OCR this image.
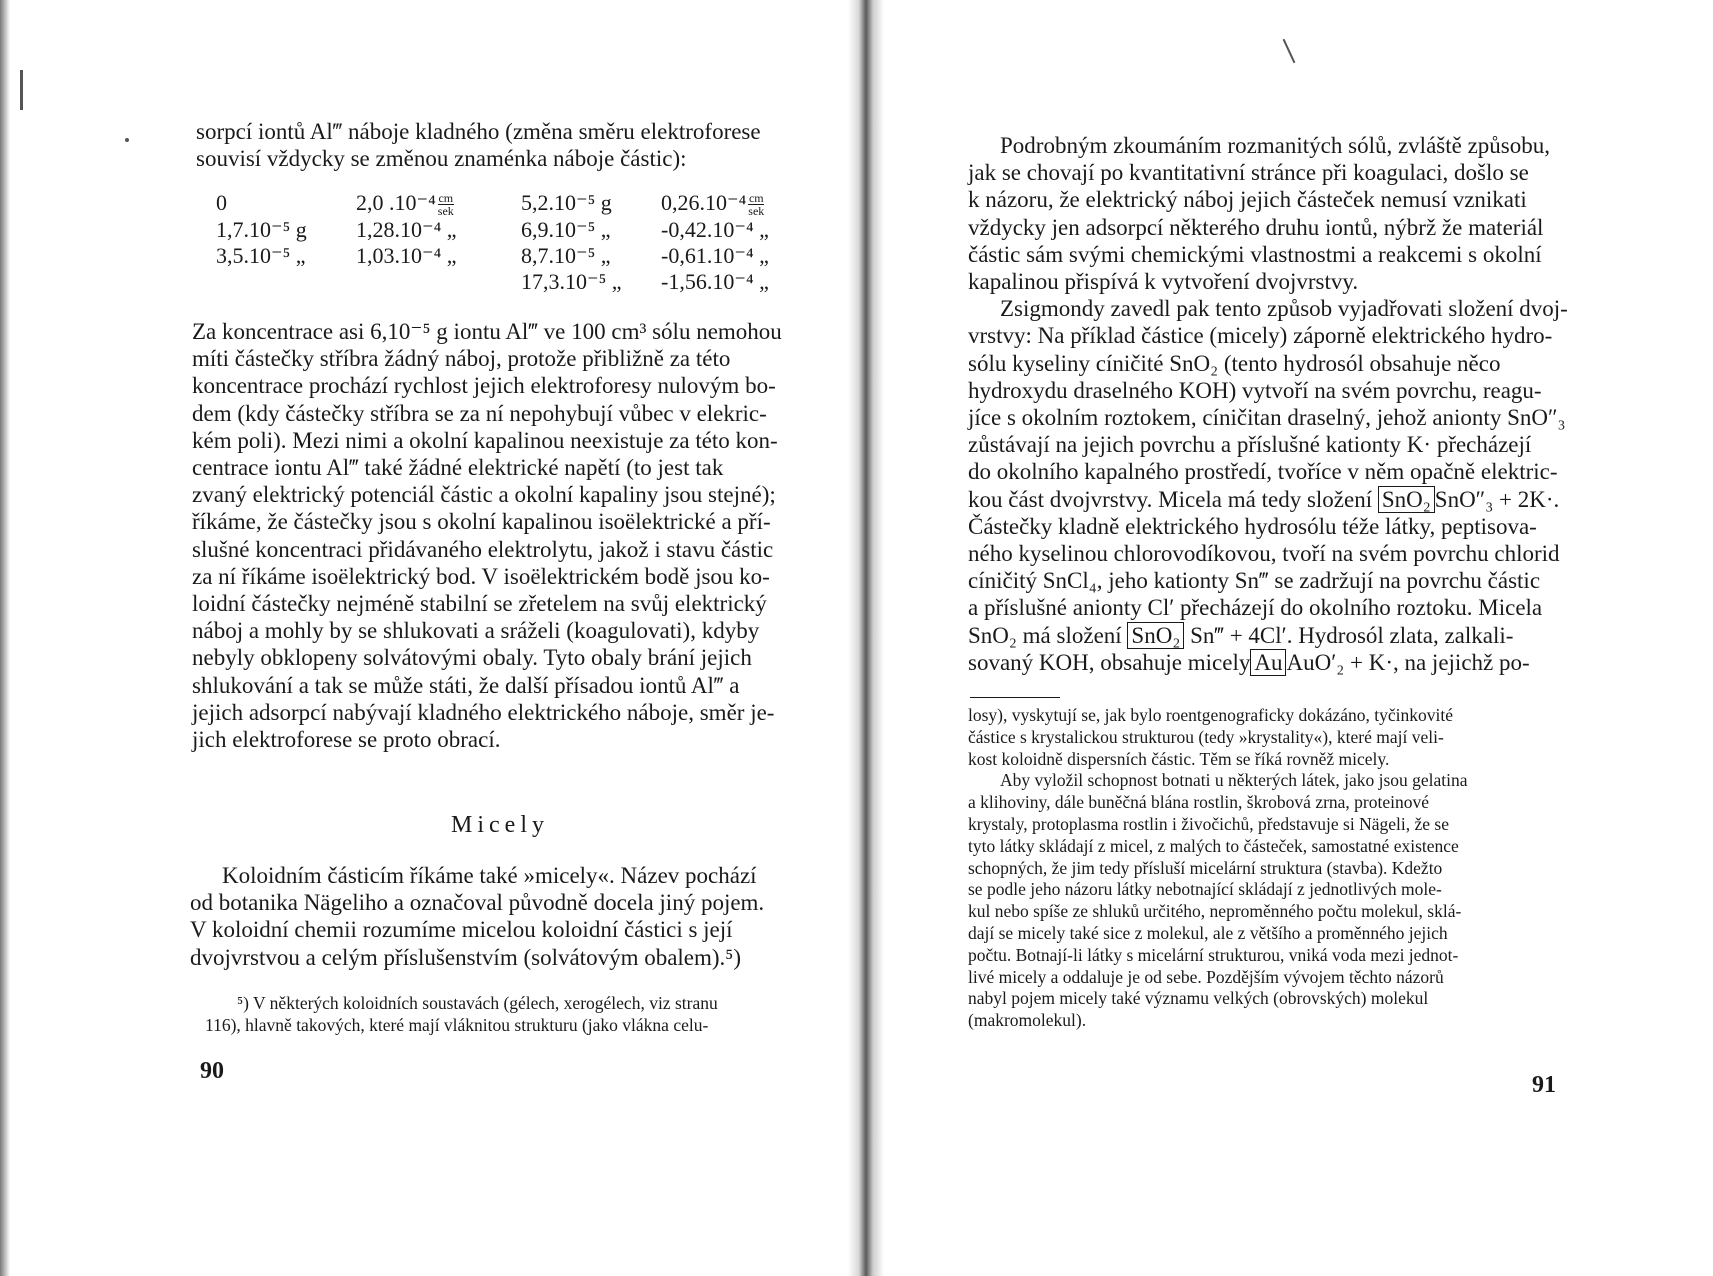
sorpcí iontů Al‴ náboje kladného (změna směru elektroforese

souvisí vždycky se změnou znaménka náboje částic):

0	2,0 $.10^{-4} \frac{cm}{\text{sek}}$	5,2.10⁻⁵ g	$0,26.10^{-4} \frac{cm}{\text{sek}}$

1,7.10⁻⁵ g	1,28.10⁻⁴ „	6,9.10⁻⁵ „	-0,42.10⁻⁴ „
3,5.10⁻⁵ „	1,03.10⁻⁴ „	8,7.10⁻⁵ „	-0,61.10⁻⁴ „
		17,3.10⁻⁵ „	-1,56.10⁻⁴ „

Za koncentrace asi 6,10⁻⁵ g iontu Al‴ ve 100 cm³ sólu nemohou

míti částečky stříbra žádný náboj, protože přibližně za této

koncentrace prochází rychlost jejich elektroforesy nulovým bo-

dem (kdy částečky stříbra se za ní nepohybují vůbec v elekric-

kém poli). Mezi nimi a okolní kapalinou neexistuje za této kon-

centrace iontu Al‴ také žádné elektrické napětí (to jest tak

zvaný elektrický potenciál částic a okolní kapaliny jsou stejné);

říkáme, že částečky jsou s okolní kapalinou isoëlektrické a pří-

slušné koncentraci přidávaného elektrolytu, jakož i stavu částic

za ní říkáme isoëlektrický bod. V isoëlektrickém bodě jsou ko-

loidní částečky nejméně stabilní se zřetelem na svůj elektrický

náboj a mohly by se shlukovati a sráželi (koagulovati), kdyby

nebyly obklopeny solvátovými obaly. Tyto obaly brání jejich

shlukování a tak se může státi, že další přísadou iontů Al‴ a

jejich adsorpcí nabývají kladného elektrického náboje, směr je-

jich elektroforese se proto obrací.

Micely

Koloidním částicím říkáme také »micely«. Název pochází

od botanika Nägeliho a označoval původně docela jiný pojem.

V koloidní chemii rozumíme micelou koloidní částici s její

dvojvrstvou a celým příslušenstvím (solvátovým obalem).⁵)

⁵) V některých koloidních soustavách (gélech, xerogélech, viz stranu

116), hlavně takových, které mají vláknitou strukturu (jako vlákna celu-

90

Podrobným zkoumáním rozmanitých sólů, zvláště způsobu,

jak se chovají po kvantitativní stránce při koagulaci, došlo se

k názoru, že elektrický náboj jejich částeček nemusí vznikati

vždycky jen adsorpcí některého druhu iontů, nýbrž že materiál

částic sám svými chemickými vlastnostmi a reakcemi s okolní

kapalinou přispívá k vytvoření dvojvrstvy.

Zsigmondy zavedl pak tento způsob vyjadřovati složení dvoj-

vrstvy: Na příklad částice (micely) záporně elektrického hydro-

sólu kyseliny cíničité SnO₂ (tento hydrosól obsahuje něco

hydroxydu draselného KOH) vytvoří na svém povrchu, reagu-

jíce s okolním roztokem, cíničitan draselný, jehož anionty SnO″₃

zůstávají na jejich povrchu a příslušné kationty K· přecházejí

do okolního kapalného prostředí, tvoříce v něm opačně elektric-

kou část dvojvrstvy. Micela má tedy složení SnO₂ SnO″₃ + 2K·.

Částečky kladně elektrického hydrosólu téže látky, peptisova-

ného kyselinou chlorovodíkovou, tvoří na svém povrchu chlorid

cíničitý SnCl₄, jeho kationty Sn‴ se zadržují na povrchu částic

a příslušné anionty Cl′ přecházejí do okolního roztoku. Micela

SnO₂ má složení SnO₂ Sn‴ + 4Cl′. Hydrosól zlata, zalkali-

sovaný KOH, obsahuje micely Au AuO′₂ + K·, na jejichž po-

losy), vyskytují se, jak bylo roentgenograficky dokázáno, tyčinkovité

částice s krystalickou strukturou (tedy »krystality«), které mají veli-

kost koloidně dispersních částic. Těm se říká rovněž micely.

Aby vyložil schopnost botnati u některých látek, jako jsou gelatina

a klihoviny, dále buněčná blána rostlin, škrobová zrna, proteinové

krystaly, protoplasma rostlin i živočichů, představuje si Nägeli, že se

tyto látky skládají z micel, z malých to částeček, samostatné existence

schopných, že jim tedy přísluší micelární struktura (stavba). Kdežto

se podle jeho názoru látky nebotnající skládají z jednotlivých mole-

kul nebo spíše ze shluků určitého, neproměnného počtu molekul, sklá-

dají se micely také sice z molekul, ale z většího a proměnného jejich

počtu. Botnají-li látky s micelární strukturou, vniká voda mezi jednot-

livé micely a oddaluje je od sebe. Pozdějším vývojem těchto názorů

nabyl pojem micely také významu velkých (obrovských) molekul

(makromolekul).

91
